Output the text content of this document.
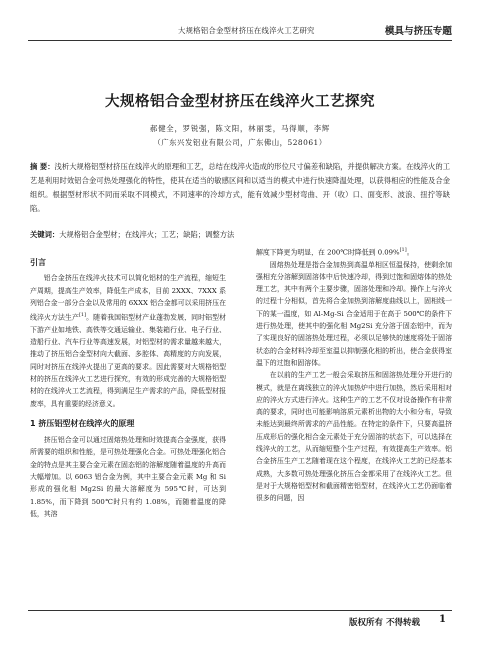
大规格铝合金型材挤压在线淬火工艺研究	模具与挤压专题
大规格铝合金型材挤压在线淬火工艺探究
郝健全，罗锐强，陈文阳，林丽雯，马得顺，李辉
（广东兴发铝业有限公司，广东佛山，528061）
摘 要：浅析大规格铝型材挤压在线淬火的原理和工艺，总结在线淬火造成的形位尺寸偏差和缺陷，并提供解决方案。在线淬火的工艺是利用时效铝合金可热处理强化的特性，使其在适当的敏感区间和以适当的模式中进行快速降温处理，以获得相应的性能及合金组织。根据型材形状不同而采取不同模式，不同速率的冷却方式，能有效减少型材弯曲、开（收）口、面变形、波浪、扭拧等缺陷。
关键词：大规格铝合金型材；在线淬火；工艺；缺陷；调整方法
引言

铝合金挤压在线淬火技术可以简化铝材的生产流程，缩短生产周期，提高生产效率，降低生产成本，目前 2XXX、7XXX 系列铝合金一部分合金以及常用的 6XXX 铝合金都可以采用挤压在线淬火方法生产[1]。随着我国铝型材产业蓬勃发展，同时铝型材下游产业如地铁、高铁等交通运输业、集装箱行业、电子行业、造船行业、汽车行业等高速发展，对铝型材的需求量越来越大，推动了挤压铝合金型材向大截面、多腔体、高精度的方向发展，同时对挤压在线淬火提出了更高的要求。因此需要对大规格铝型材的挤压在线淬火工艺进行探究，有效的形成完善的大规格铝型材的在线淬火工艺流程，得到满足生产需求的产品，降低型材报废率，具有重要的经济意义。

1 挤压铝型材在线淬火的原理

挤压铝合金可以通过固熔热处理和时效提高合金强度，获得所需要的组织和性能，是可热处理强化合金。可热处理强化铝合金的特点是其主要合金元素在固态铝的溶解度随着温度的升高而大幅增加。以 6063 铝合金为例，其中主要合金元素 Mg 和 Si 形成的强化相 Mg2Si 的最大溶解度为 595℃时，可达到 1.85%，而下降到 500℃时只有约 1.08%，而随着温度的降低，其溶

解度下降更为明显，在 200℃时降低到 0.09%[1]。

固熔热处理是指合金加热到高温单相区恒温保持，使剩余加强相充分溶解到固溶体中后快速冷却，得到过饱和固熔体的热处理工艺，其中有两个主要步骤，固溶处理和冷却。操作上与淬火的过程十分相似，首先将合金加热到溶解度曲线以上，固相线一下的某一温度，如 Al-Mg-Si 合金适用于在高于 500℃的条件下进行热处理，使其中的强化相 Mg2Si 充分溶于固态铝中，而为了实现良好的固溶热处理过程，必须以足够快的速度将处于固溶状态的合金材料冷却至室温以抑制强化相的析出，使合金获得室温下的过饱和固溶体。

在以前的生产工艺一般会采取挤压和固溶热处理分开进行的模式，就是在离线独立的淬火加热炉中进行加热，然后采用相对应的淬火方式进行淬火。这种生产的工艺不仅对设备操作有非常高的要求，同时也可能影响溶质元素析出物的大小和分布，导致未能达到最终所需求的产品性能。在特定的条件下，只要高温挤压成形后的强化相合金元素处于充分固溶的状态下，可以选择在线淬火的工艺，从而缩短整个生产过程，有效提高生产效率。铝合金挤压生产工艺随着现在这个程度，在线淬火工艺的已经基本成熟，大多数可热处理强化挤压合金都采用了在线淬火工艺。但是对于大规格铝型材和截面精密铝型材，在线淬火工艺仍面临着很多的问题，因

版权所有 不得转载 1
